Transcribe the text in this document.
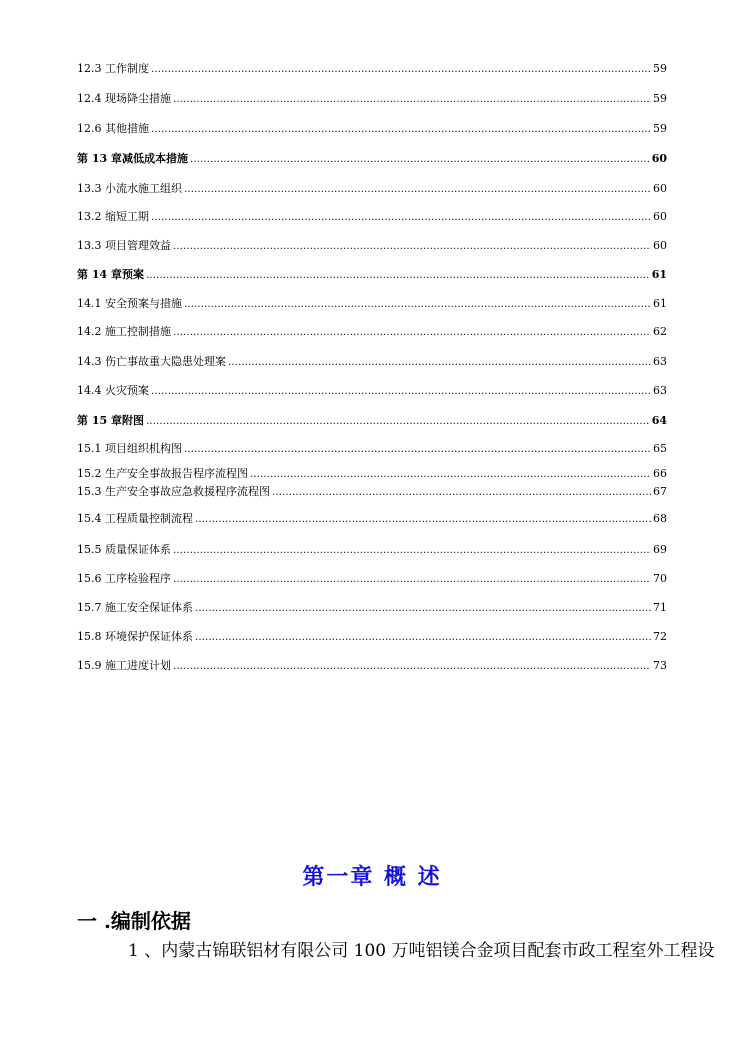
12.3 工作制度 ……………………………………………………………………………………………………………………………………………………………………………………………………………………………………	59
12.4 现场降尘措施 ……………………………………………………………………………………………………………………………………………………………………………………………………………………………………	59
12.6 其他措施 ……………………………………………………………………………………………………………………………………………………………………………………………………………………………………	59
第 13 章减低成本措施 ……………………………………………………………………………………………………………………………………………………………………………………………………………………………………	60
13.3 小流水施工组织 ……………………………………………………………………………………………………………………………………………………………………………………………………………………………………	60
13.2 缩短工期 ……………………………………………………………………………………………………………………………………………………………………………………………………………………………………	60
13.3 项目管理效益 ……………………………………………………………………………………………………………………………………………………………………………………………………………………………………	60
第 14 章预案 ……………………………………………………………………………………………………………………………………………………………………………………………………………………………………	61
14.1 安全预案与措施 ……………………………………………………………………………………………………………………………………………………………………………………………………………………………………	61
14.2 施工控制措施 ……………………………………………………………………………………………………………………………………………………………………………………………………………………………………	62
14.3 伤亡事故重大隐患处理案 ……………………………………………………………………………………………………………………………………………………………………………………………………………………………………	63
14.4 火灾预案 ……………………………………………………………………………………………………………………………………………………………………………………………………………………………………	63
第 15 章附图 ……………………………………………………………………………………………………………………………………………………………………………………………………………………………………	64
15.1 项目组织机构图 ……………………………………………………………………………………………………………………………………………………………………………………………………………………………………	65
15.2 生产安全事故报告程序流程图 ……………………………………………………………………………………………………………………………………………………………………………………………………………………………………	66
15.3 生产安全事故应急救援程序流程图 ……………………………………………………………………………………………………………………………………………………………………………………………………………………………………	67
15.4 工程质量控制流程 ……………………………………………………………………………………………………………………………………………………………………………………………………………………………………	68
15.5 质量保证体系 ……………………………………………………………………………………………………………………………………………………………………………………………………………………………………	69
15.6 工序检验程序 ……………………………………………………………………………………………………………………………………………………………………………………………………………………………………	70
15.7 施工安全保证体系 ……………………………………………………………………………………………………………………………………………………………………………………………………………………………………	71
15.8 环境保护保证体系 ……………………………………………………………………………………………………………………………………………………………………………………………………………………………………	72
15.9 施工进度计划 ……………………………………………………………………………………………………………………………………………………………………………………………………………………………………	73
第一章 概 述
一 .编制依据
1 、内蒙古锦联铝材有限公司 100 万吨铝镁合金项目配套市政工程室外工程设
